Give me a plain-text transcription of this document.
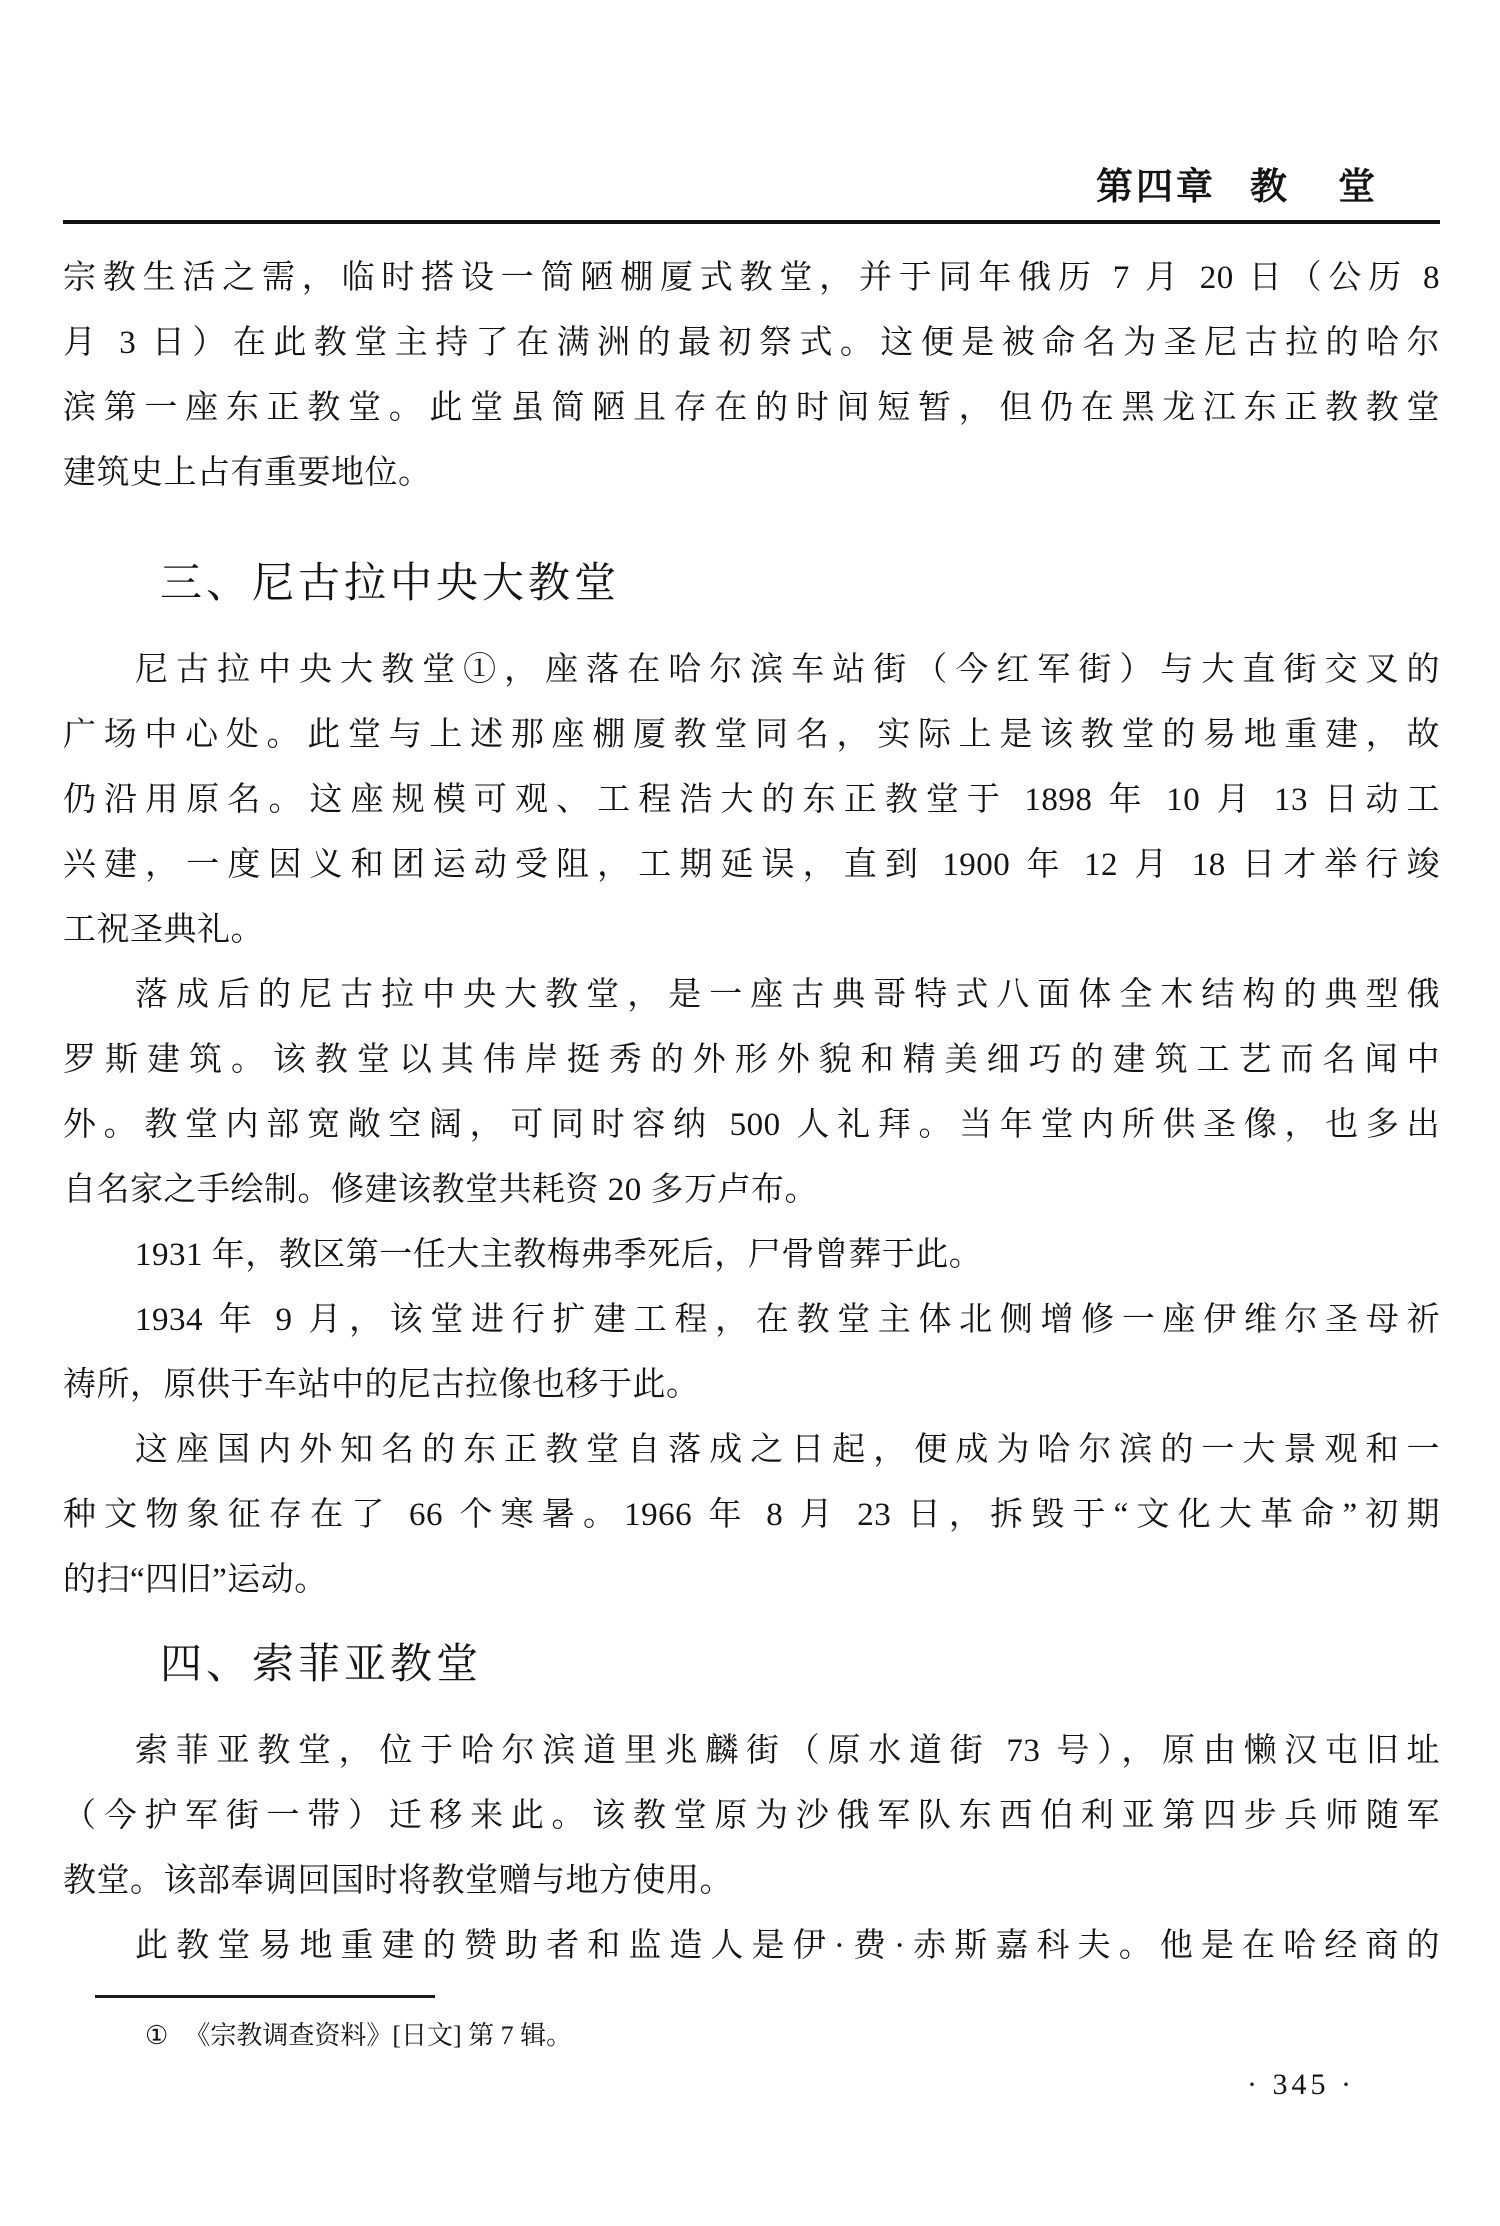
第四章 教 堂
宗教生活之需，临时搭设一简陋棚厦式教堂，并于同年俄历 7 月 20 日（公历 8
月 3 日）在此教堂主持了在满洲的最初祭式。这便是被命名为圣尼古拉的哈尔
滨第一座东正教堂。此堂虽简陋且存在的时间短暂，但仍在黑龙江东正教教堂
建筑史上占有重要地位。
三、尼古拉中央大教堂
尼古拉中央大教堂①，座落在哈尔滨车站街（今红军街）与大直街交叉的
广场中心处。此堂与上述那座棚厦教堂同名，实际上是该教堂的易地重建，故
仍沿用原名。这座规模可观、工程浩大的东正教堂于 1898 年 10 月 13 日动工
兴建，一度因义和团运动受阻，工期延误，直到 1900 年 12 月 18 日才举行竣
工祝圣典礼。
落成后的尼古拉中央大教堂，是一座古典哥特式八面体全木结构的典型俄
罗斯建筑。该教堂以其伟岸挺秀的外形外貌和精美细巧的建筑工艺而名闻中
外。教堂内部宽敞空阔，可同时容纳 500 人礼拜。当年堂内所供圣像，也多出
自名家之手绘制。修建该教堂共耗资 20 多万卢布。
1931 年，教区第一任大主教梅弗季死后，尸骨曾葬于此。
1934 年 9 月，该堂进行扩建工程，在教堂主体北侧增修一座伊维尔圣母祈
祷所，原供于车站中的尼古拉像也移于此。
这座国内外知名的东正教堂自落成之日起，便成为哈尔滨的一大景观和一
种文物象征存在了 66 个寒暑。1966 年 8 月 23 日，拆毁于“文化大革命”初期
的扫“四旧”运动。
四、索菲亚教堂
索菲亚教堂，位于哈尔滨道里兆麟街（原水道街 73 号），原由懒汉屯旧址
（今护军街一带）迁移来此。该教堂原为沙俄军队东西伯利亚第四步兵师随军
教堂。该部奉调回国时将教堂赠与地方使用。
此教堂易地重建的赞助者和监造人是伊·费·赤斯嘉科夫。他是在哈经商的
① 《宗教调查资料》[日文] 第 7 辑。
· 345 ·
